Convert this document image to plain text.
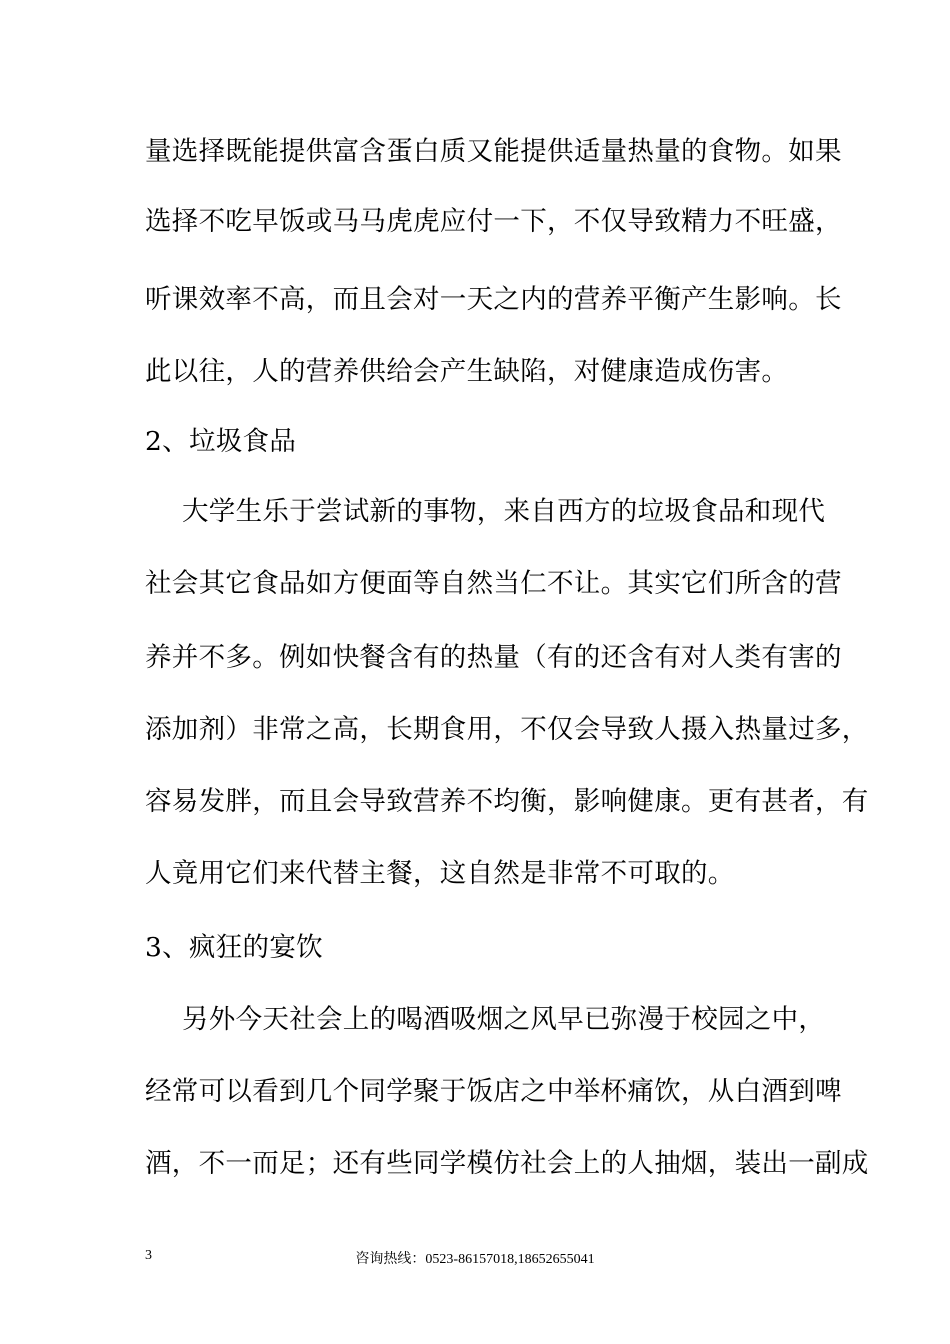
量选择既能提供富含蛋白质又能提供适量热量的食物。如果
选择不吃早饭或马马虎虎应付一下，不仅导致精力不旺盛，
听课效率不高，而且会对一天之内的营养平衡产生影响。长
此以往，人的营养供给会产生缺陷，对健康造成伤害。
2、垃圾食品
大学生乐于尝试新的事物，来自西方的垃圾食品和现代
社会其它食品如方便面等自然当仁不让。其实它们所含的营
养并不多。例如快餐含有的热量（有的还含有对人类有害的
添加剂）非常之高，长期食用，不仅会导致人摄入热量过多，
容易发胖，而且会导致营养不均衡，影响健康。更有甚者，有
人竟用它们来代替主餐，这自然是非常不可取的。
3、疯狂的宴饮
另外今天社会上的喝酒吸烟之风早已弥漫于校园之中，
经常可以看到几个同学聚于饭店之中举杯痛饮，从白酒到啤
酒，不一而足；还有些同学模仿社会上的人抽烟，装出一副成
3	咨询热线：0523-86157018,18652655041
